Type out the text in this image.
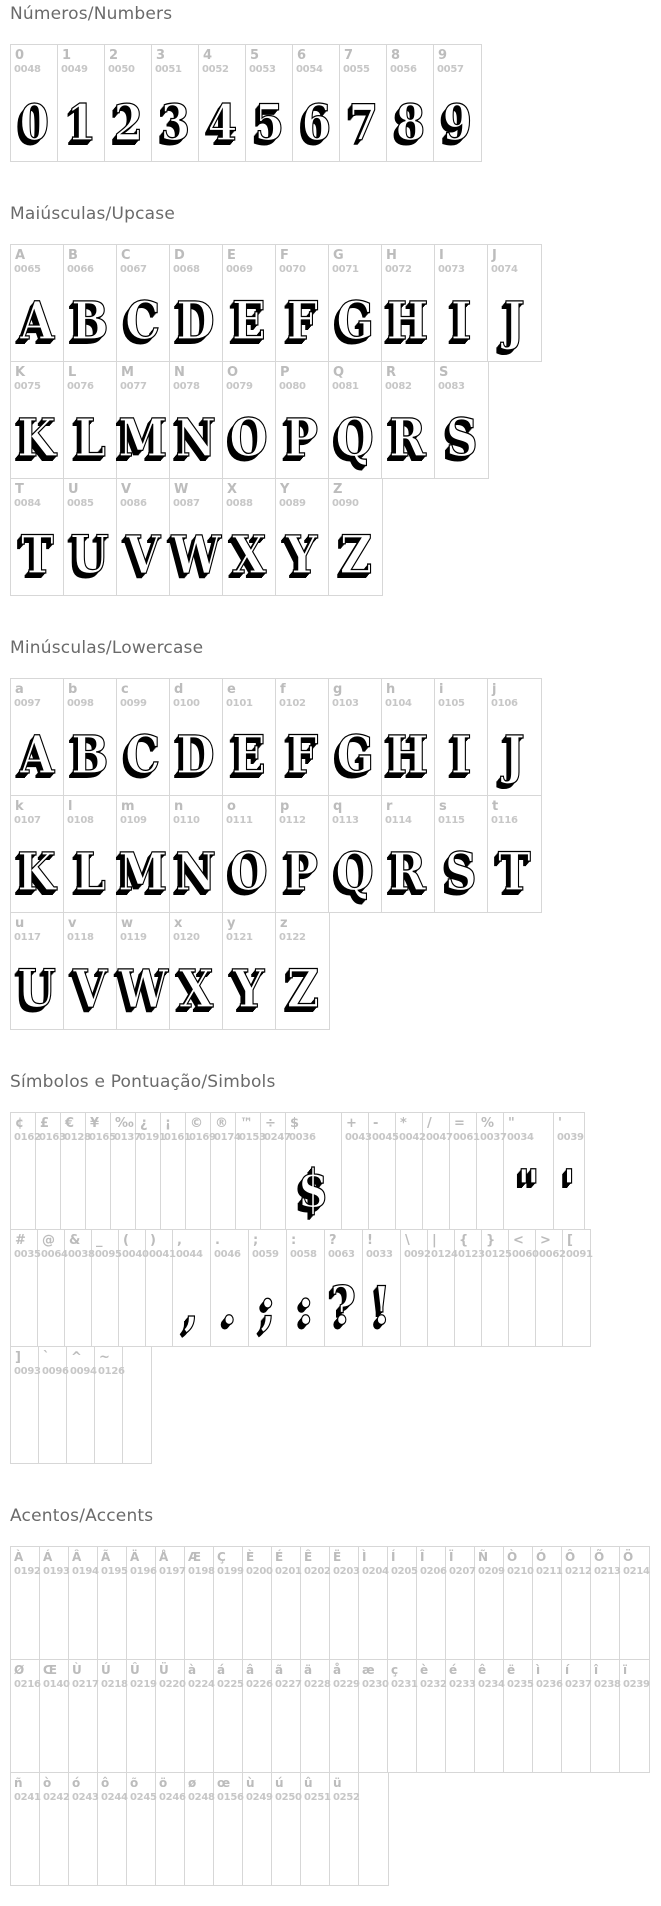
Números/Numbers
0
0048
0
1
0049
1
2
0050
2
3
0051
3
4
0052
4
5
0053
5
6
0054
6
7
0055
7
8
0056
8
9
0057
9
Maiúsculas/Upcase
A
0065
A
B
0066
B
C
0067
C
D
0068
D
E
0069
E
F
0070
F
G
0071
G
H
0072
H
I
0073
I
J
0074
J
K
0075
K
L
0076
L
M
0077
M
N
0078
N
O
0079
O
P
0080
P
Q
0081
Q
R
0082
R
S
0083
S
T
0084
T
U
0085
U
V
0086
V
W
0087
W
X
0088
X
Y
0089
Y
Z
0090
Z
Minúsculas/Lowercase
a
0097
A
b
0098
B
c
0099
C
d
0100
D
e
0101
E
f
0102
F
g
0103
G
h
0104
H
i
0105
I
j
0106
J
k
0107
K
l
0108
L
m
0109
M
n
0110
N
o
0111
O
p
0112
P
q
0113
Q
r
0114
R
s
0115
S
t
0116
T
u
0117
U
v
0118
V
w
0119
W
x
0120
X
y
0121
Y
z
0122
Z
Símbolos e Pontuação/Simbols
¢
0162
£
0163
€
0128
¥
0165
‰
0137
¿
0191
¡
0161
©
0169
®
0174
™
0153
÷
0247
$
0036
$
+
0043
-
0045
*
0042
/
0047
=
0061
%
0037
"
0034
"
'
0039
'
#
0035
@
0064
&
0038
_
0095
(
0040
)
0041
,
0044
,
.
0046
.
;
0059
;
:
0058
:
?
0063
?
!
0033
!
\
0092
|
0124
{
0123
}
0125
<
0060
>
0062
[
0091
]
0093
`
0096
^
0094
~
0126
Acentos/Accents
À
0192
Á
0193
Â
0194
Ã
0195
Ä
0196
Å
0197
Æ
0198
Ç
0199
È
0200
É
0201
Ê
0202
Ë
0203
Ì
0204
Í
0205
Î
0206
Ï
0207
Ñ
0209
Ò
0210
Ó
0211
Ô
0212
Õ
0213
Ö
0214
Ø
0216
Œ
0140
Ù
0217
Ú
0218
Û
0219
Ü
0220
à
0224
á
0225
â
0226
ã
0227
ä
0228
å
0229
æ
0230
ç
0231
è
0232
é
0233
ê
0234
ë
0235
ì
0236
í
0237
î
0238
ï
0239
ñ
0241
ò
0242
ó
0243
ô
0244
õ
0245
ö
0246
ø
0248
œ
0156
ù
0249
ú
0250
û
0251
ü
0252
